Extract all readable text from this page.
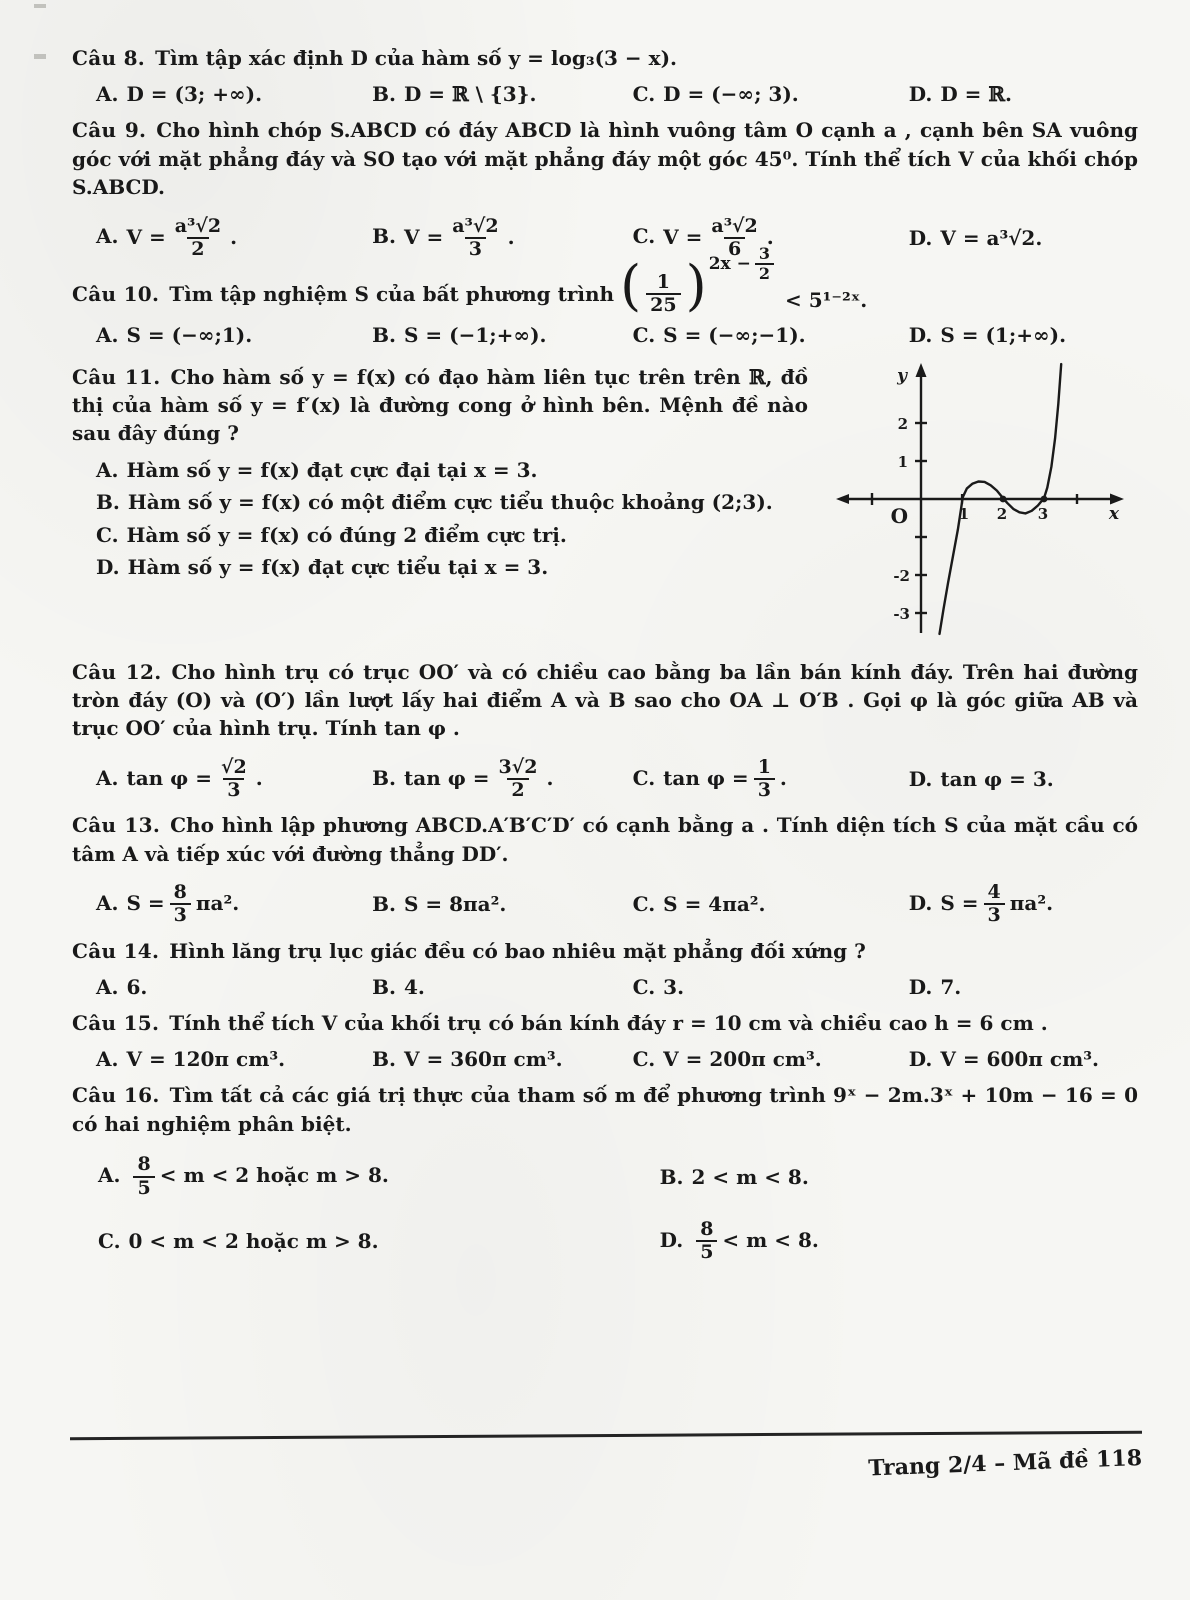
Câu 8. Tìm tập xác định D của hàm số y = log₃(3 − x).

A. D = (3; +∞).	B. D = ℝ \ {3}.	C. D = (−∞; 3).	D. D = ℝ.

Câu 9. Cho hình chóp S.ABCD có đáy ABCD là hình vuông tâm O cạnh a , cạnh bên SA vuông góc với mặt phẳng đáy và SO tạo với mặt phẳng đáy một góc 45⁰. Tính thể tích V của khối chóp S.ABCD.

A. $V = \frac{\text{a³√2}}{2}$ .	B. $V = \frac{\text{a³√2}}{3}$ .	C. $V = \frac{\text{a³√2}}{6}$ .	D. V = a³√2.

Câu 10. Tìm tập nghiệm S của bất phương trình ( $\frac{1}{25}$ ) $2x - \frac{3}{2}$
< 5¹⁻²ˣ.

A. S = (−∞;1).	B. S = (−1;+∞).	C. S = (−∞;−1).	D. S = (1;+∞).

Câu 11. Cho hàm số y = f(x) có đạo hàm liên tục trên trên ℝ, đồ thị của hàm số y = f′(x) là đường cong ở hình bên. Mệnh đề nào sau đây đúng ?

A. Hàm số y = f(x) đạt cực đại tại x = 3.
B. Hàm số y = f(x) có một điểm cực tiểu thuộc khoảng (2;3).
C. Hàm số y = f(x) có đúng 2 điểm cực trị.
D. Hàm số y = f(x) đạt cực tiểu tại x = 3.
2
1
-2
-3
1 2 3
O
y
x

Câu 12. Cho hình trụ có trục OO′ và có chiều cao bằng ba lần bán kính đáy. Trên hai đường tròn đáy (O) và (O′) lần lượt lấy hai điểm A và B sao cho OA ⊥ O′B . Gọi φ là góc giữa AB và trục OO′ của hình trụ. Tính tan φ .

A. $\tan \varphi = \frac{√2}{3}$ .	B. $\tan \varphi = \frac{3√2}{2}$ .	C. $\tan \varphi = \frac{1}{3}$ .	D. tan φ = 3.

Câu 13. Cho hình lập phương ABCD.A′B′C′D′ có cạnh bằng a . Tính diện tích S của mặt cầu có tâm A và tiếp xúc với đường thẳng DD′.

A. $S = \frac{8}{3} \pi a^2$.	B. S = 8πa².	C. S = 4πa².	D. $S = \frac{4}{3} \pi a^2$.

Câu 14. Hình lăng trụ lục giác đều có bao nhiêu mặt phẳng đối xứng ?

A. 6.	B. 4.	C. 3.	D. 7.

Câu 15. Tính thể tích V của khối trụ có bán kính đáy r = 10 cm và chiều cao h = 6 cm .

A. V = 120π cm³.	B. V = 360π cm³.	C. V = 200π cm³.	D. V = 600π cm³.

Câu 16. Tìm tất cả các giá trị thực của tham số m để phương trình 9ˣ − 2m.3ˣ + 10m − 16 = 0 có hai nghiệm phân biệt.

A. $\frac{8}{5} < m < 2$ hoặc m > 8.	B. 2 < m < 8.
C. 0 < m < 2 hoặc m > 8.	D. $\frac{8}{5} < m < 8$.
Trang 2/4 – Mã đề 118
